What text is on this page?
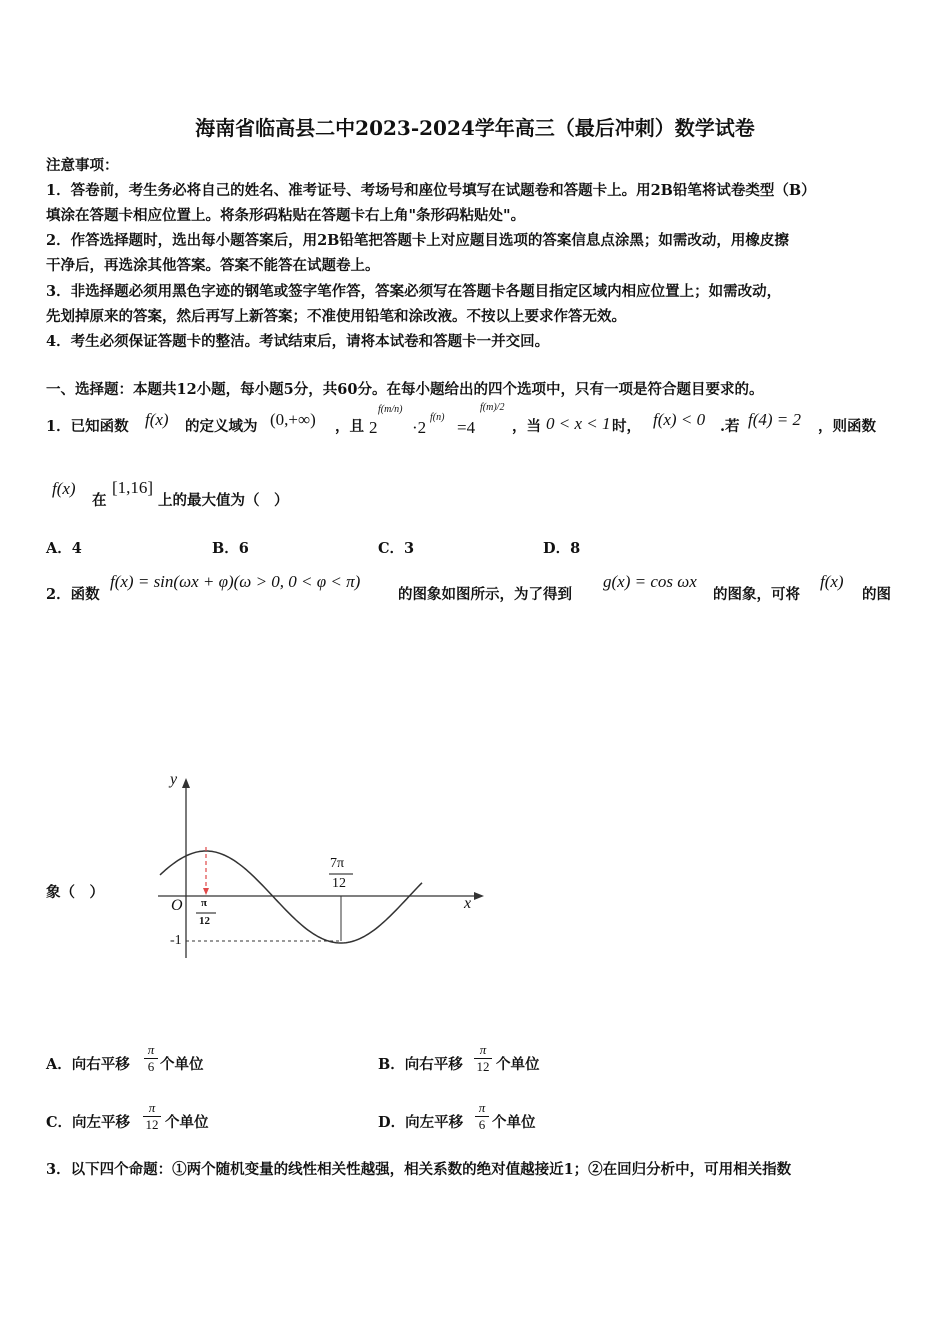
海南省临高县二中2023-2024学年高三（最后冲刺）数学试卷
注意事项：
1．答卷前，考生务必将自己的姓名、准考证号、考场号和座位号填写在试题卷和答题卡上。用2B铅笔将试卷类型（B）
填涂在答题卡相应位置上。将条形码粘贴在答题卡右上角"条形码粘贴处"。
2．作答选择题时，选出每小题答案后，用2B铅笔把答题卡上对应题目选项的答案信息点涂黑；如需改动，用橡皮擦
干净后，再选涂其他答案。答案不能答在试题卷上。
3．非选择题必须用黑色字迹的钢笔或签字笔作答，答案必须写在答题卡各题目指定区域内相应位置上；如需改动，
先划掉原来的答案，然后再写上新答案；不准使用铅笔和涂改液。不按以上要求作答无效。
4．考生必须保证答题卡的整洁。考试结束后，请将本试卷和答题卡一并交回。
一、选择题：本题共12小题，每小题5分，共60分。在每小题给出的四个选项中，只有一项是符合题目要求的。
1．已知函数 f(x) 的定义域为 (0,+∞) ，且 2
f(m/n)
·2
f(n)
=4
f(m)/2
，当 0 < x < 1 时， f(x) < 0 .若 f(4) = 2 ，则函数
f(x)
在
[1,16]
上的最大值为（　）
A．4	B．6	C．3	D．8
2．函数
f(x) = sin(ωx + φ)(ω > 0, 0 < φ < π)
的图象如图所示，为了得到
g(x) = cos ωx
的图象，可将
f(x)
的图
象（　）
y
x
O
-1
π
12
7π
12
A．向右平移 $\frac{\pi}{6}$ 个单位	B．向右平移 $\frac{\pi}{12}$ 个单位
C．向左平移 $\frac{\pi}{12}$ 个单位	D．向左平移 $\frac{\pi}{6}$ 个单位
3．以下四个命题：①两个随机变量的线性相关性越强，相关系数的绝对值越接近1；②在回归分析中，可用相关指数
